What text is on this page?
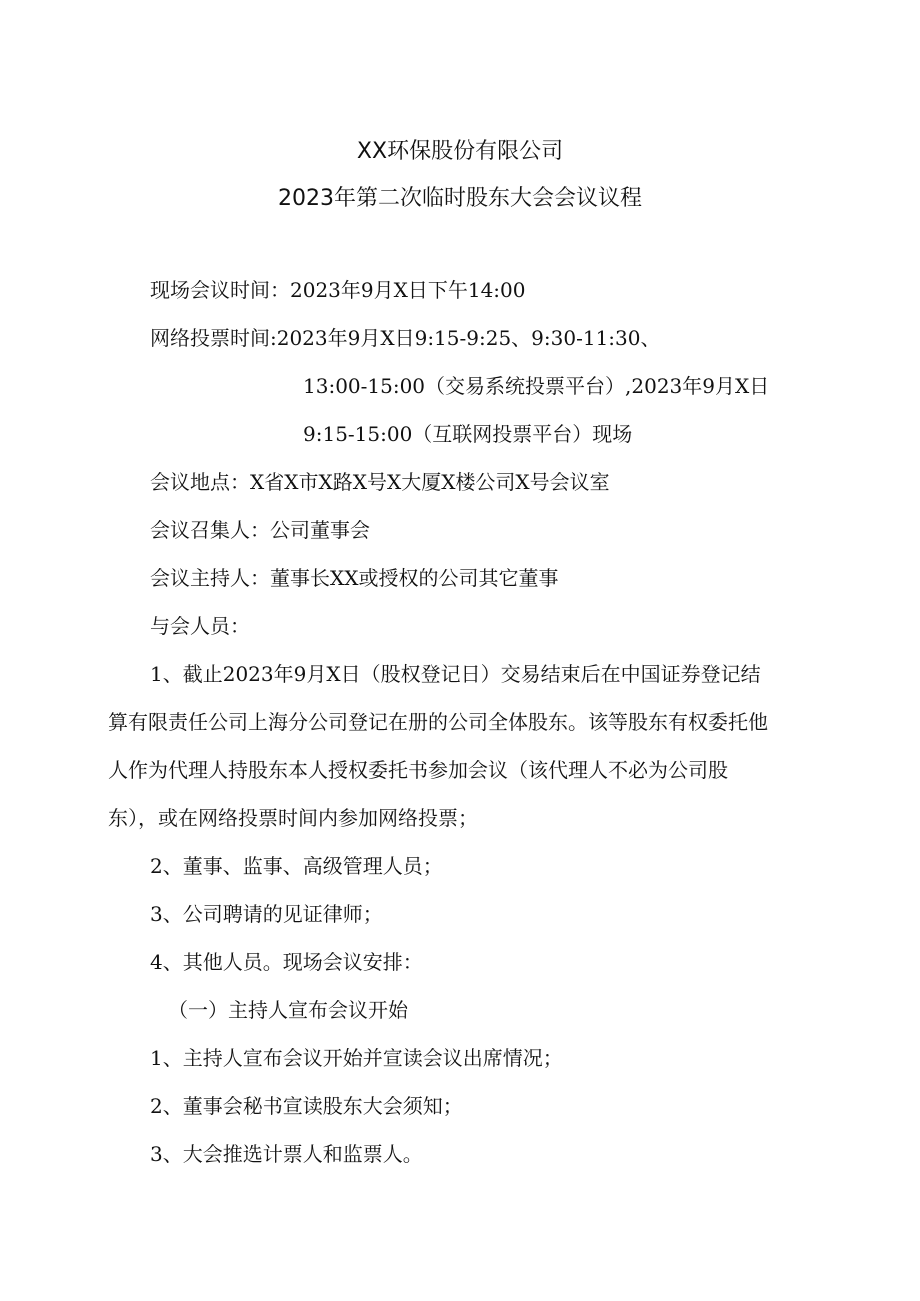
XX环保股份有限公司
2023年第二次临时股东大会会议议程
现场会议时间：2023年9月X日下午14:00
网络投票时间:2023年9月X日9:15-9:25、9:30-11:30、
13:00-15:00（交易系统投票平台）,2023年9月X日
9:15-15:00（互联网投票平台）现场
会议地点：X省X市X路X号X大厦X楼公司X号会议室
会议召集人：公司董事会
会议主持人：董事长XX或授权的公司其它董事
与会人员：
1、截止2023年9月X日（股权登记日）交易结束后在中国证券登记结
算有限责任公司上海分公司登记在册的公司全体股东。该等股东有权委托他
人作为代理人持股东本人授权委托书参加会议（该代理人不必为公司股
东），或在网络投票时间内参加网络投票；
2、董事、监事、高级管理人员；
3、公司聘请的见证律师；
4、其他人员。现场会议安排：
（一）主持人宣布会议开始
1、主持人宣布会议开始并宣读会议出席情况；
2、董事会秘书宣读股东大会须知；
3、大会推选计票人和监票人。
